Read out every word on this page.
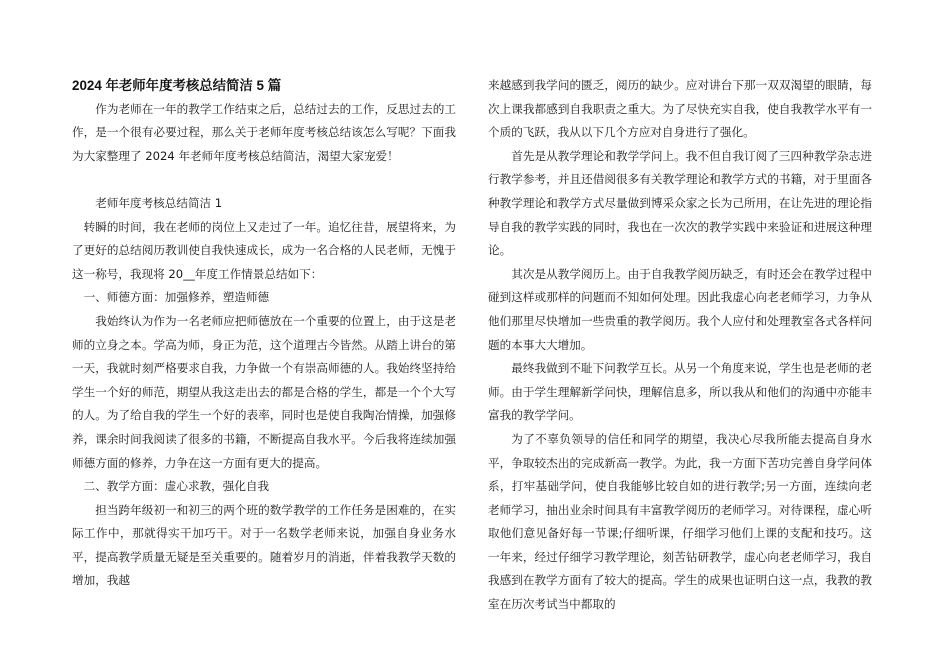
2024 年老师年度考核总结简洁 5 篇

作为老师在一年的教学工作结束之后，总结过去的工作，反思过去的工作，是一个很有必要过程，那么关于老师年度考核总结该怎么写呢？下面我为大家整理了 2024 年老师年度考核总结简洁，渴望大家宠爱！

老师年度考核总结简洁 1

转瞬的时间，我在老师的岗位上又走过了一年。追忆往昔，展望将来，为了更好的总结阅历教训使自我快速成长，成为一名合格的人民老师，无愧于这一称号，我现将 20__年度工作情景总结如下：

一、师德方面：加强修养，塑造师德

我始终认为作为一名老师应把师德放在一个重要的位置上，由于这是老师的立身之本。学高为师，身正为范，这个道理古今皆然。从踏上讲台的第一天，我就时刻严格要求自我，力争做一个有崇高师德的人。我始终坚持给学生一个好的师范，期望从我这走出去的都是合格的学生，都是一个个大写的人。为了给自我的学生一个好的表率，同时也是使自我陶冶情操，加强修养，课余时间我阅读了很多的书籍，不断提高自我水平。今后我将连续加强师德方面的修养，力争在这一方面有更大的提高。

二、教学方面：虚心求教，强化自我

担当跨年级初一和初三的两个班的数学教学的工作任务是困难的，在实际工作中，那就得实干加巧干。对于一名数学老师来说，加强自身业务水平，提高教学质量无疑是至关重要的。随着岁月的消逝，伴着我教学天数的增加，我越

来越感到我学问的匮乏，阅历的缺少。应对讲台下那一双双渴望的眼睛，每次上课我都感到自我职责之重大。为了尽快充实自我，使自我教学水平有一个质的飞跃，我从以下几个方应对自身进行了强化。

首先是从教学理论和教学学问上。我不但自我订阅了三四种教学杂志进行教学参考，并且还借阅很多有关教学理论和教学方式的书籍，对于里面各种教学理论和教学方式尽量做到博采众家之长为己所用，在让先进的理论指导自我的教学实践的同时，我也在一次次的教学实践中来验证和进展这种理论。

其次是从教学阅历上。由于自我教学阅历缺乏，有时还会在教学过程中碰到这样或那样的问题而不知如何处理。因此我虚心向老老师学习，力争从他们那里尽快增加一些贵重的教学阅历。我个人应付和处理教室各式各样问题的本事大大增加。

最终我做到不耻下问教学互长。从另一个角度来说，学生也是老师的老师。由于学生理解新学问快，理解信息多，所以我从和他们的沟通中亦能丰富我的教学学问。

为了不辜负领导的信任和同学的期望，我决心尽我所能去提高自身水平，争取较杰出的完成新高一教学。为此，我一方面下苦功完善自身学问体系，打牢基础学问，使自我能够比较自如的进行教学;另一方面，连续向老老师学习，抽出业余时间具有丰富教学阅历的老师学习。对待课程，虚心听取他们意见备好每一节课;仔细听课，仔细学习他们上课的支配和技巧。这一年来，经过仔细学习教学理论，刻苦钻研教学，虚心向老老师学习，我自我感到在教学方面有了较大的提高。学生的成果也证明白这一点，我教的教室在历次考试当中都取的
